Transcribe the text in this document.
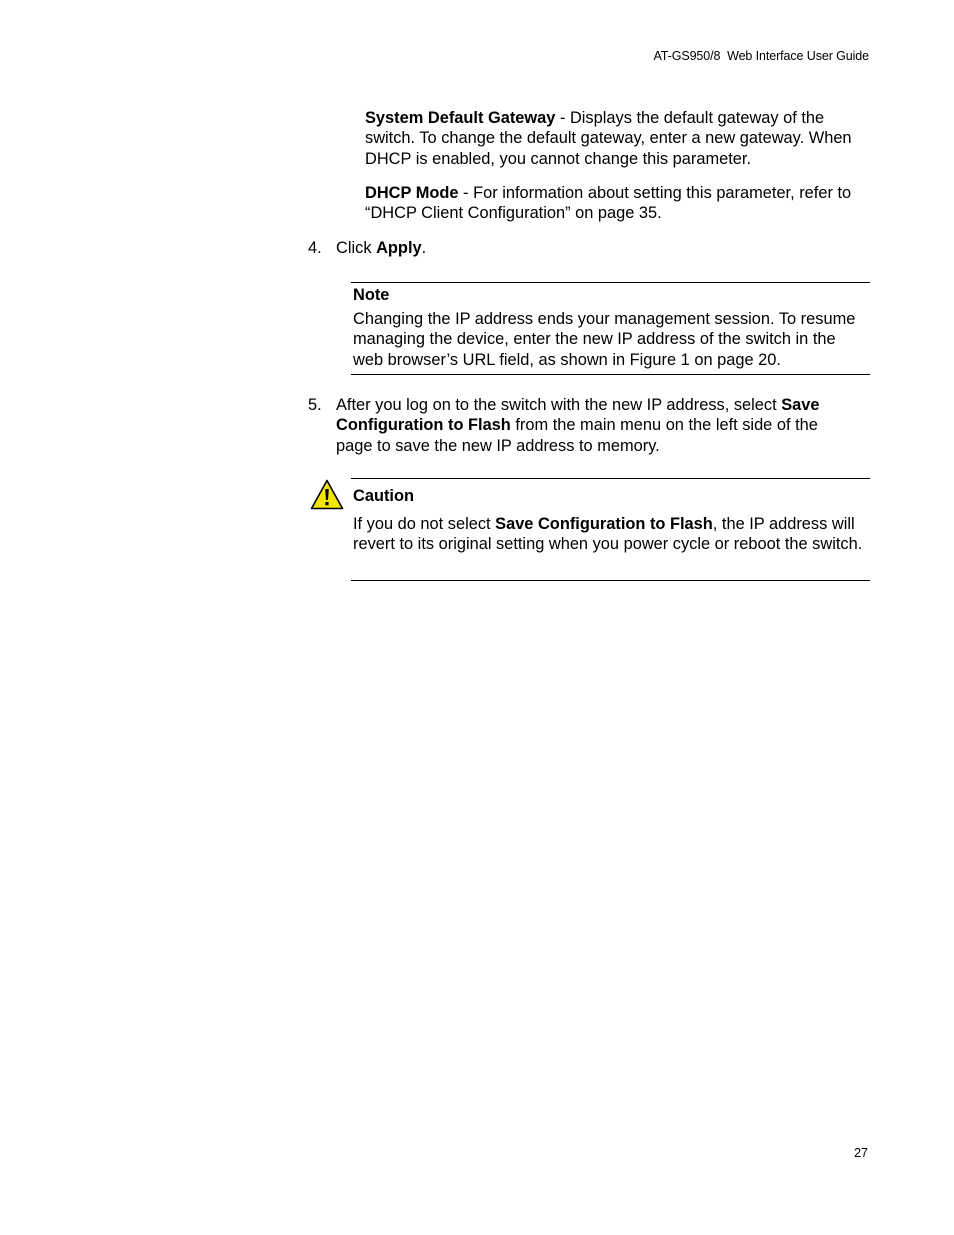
AT-GS950/8  Web Interface User Guide

System Default Gateway - Displays the default gateway of the switch. To change the default gateway, enter a new gateway. When DHCP is enabled, you cannot change this parameter.

DHCP Mode - For information about setting this parameter, refer to “DHCP Client Configuration” on page 35.

4. Click Apply.
Note
Changing the IP address ends your management session. To resume managing the device, enter the new IP address of the switch in the web browser’s URL field, as shown in Figure 1 on page 20.
5. After you log on to the switch with the new IP address, select Save Configuration to Flash from the main menu on the left side of the page to save the new IP address to memory.
Caution
If you do not select Save Configuration to Flash, the IP address will revert to its original setting when you power cycle or reboot the switch.
27
